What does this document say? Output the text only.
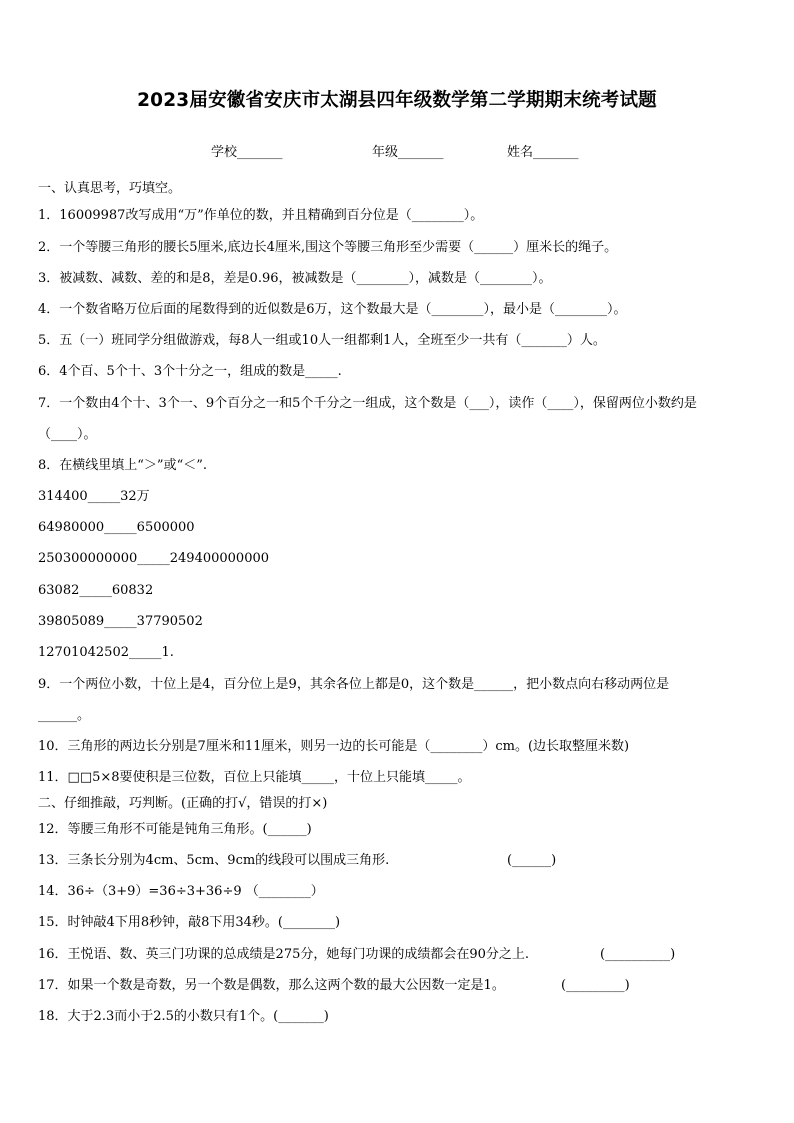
2023届安徽省安庆市太湖县四年级数学第二学期期末统考试题
学校_______	年级_______	姓名_______
一、认真思考，巧填空。
1．16009987改写成用“万”作单位的数，并且精确到百分位是（________）。
2．一个等腰三角形的腰长5厘米,底边长4厘米,围这个等腰三角形至少需要（______）厘米长的绳子。
3．被减数、减数、差的和是8，差是0.96，被减数是（________），减数是（________）。
4．一个数省略万位后面的尾数得到的近似数是6万，这个数最大是（________），最小是（________）。
5．五（一）班同学分组做游戏，每8人一组或10人一组都剩1人，全班至少一共有（_______）人。
6．4个百、5个十、3个十分之一，组成的数是_____.
7．一个数由4个十、3个一、9个百分之一和5个千分之一组成，这个数是（___），读作（____），保留两位小数约是
（____）。
8．在横线里填上“＞”或“＜”.
314400_____32万
64980000_____6500000
250300000000_____249400000000
63082_____60832
39805089_____37790502
12701042502_____1.
9．一个两位小数，十位上是4，百分位上是9，其余各位上都是0，这个数是______，把小数点向右移动两位是
______。
10．三角形的两边长分别是7厘米和11厘米，则另一边的长可能是（________）cm。(边长取整厘米数)
11．□□5×8要使积是三位数，百位上只能填_____，十位上只能填_____。
二、仔细推敲，巧判断。(正确的打√，错误的打×)
12．等腰三角形不可能是钝角三角形。(______)
13．三条长分别为4cm、5cm、9cm的线段可以围成三角形.	(______)
14．36÷（3+9）=36÷3+36÷9 （________）
15．时钟敲4下用8秒钟，敲8下用34秒。(________)
16．王悦语、数、英三门功课的总成绩是275分，她每门功课的成绩都会在90分之上.	(__________)
17．如果一个数是奇数，另一个数是偶数，那么这两个数的最大公因数一定是1。	(_________)
18．大于2.3而小于2.5的小数只有1个。(_______)
